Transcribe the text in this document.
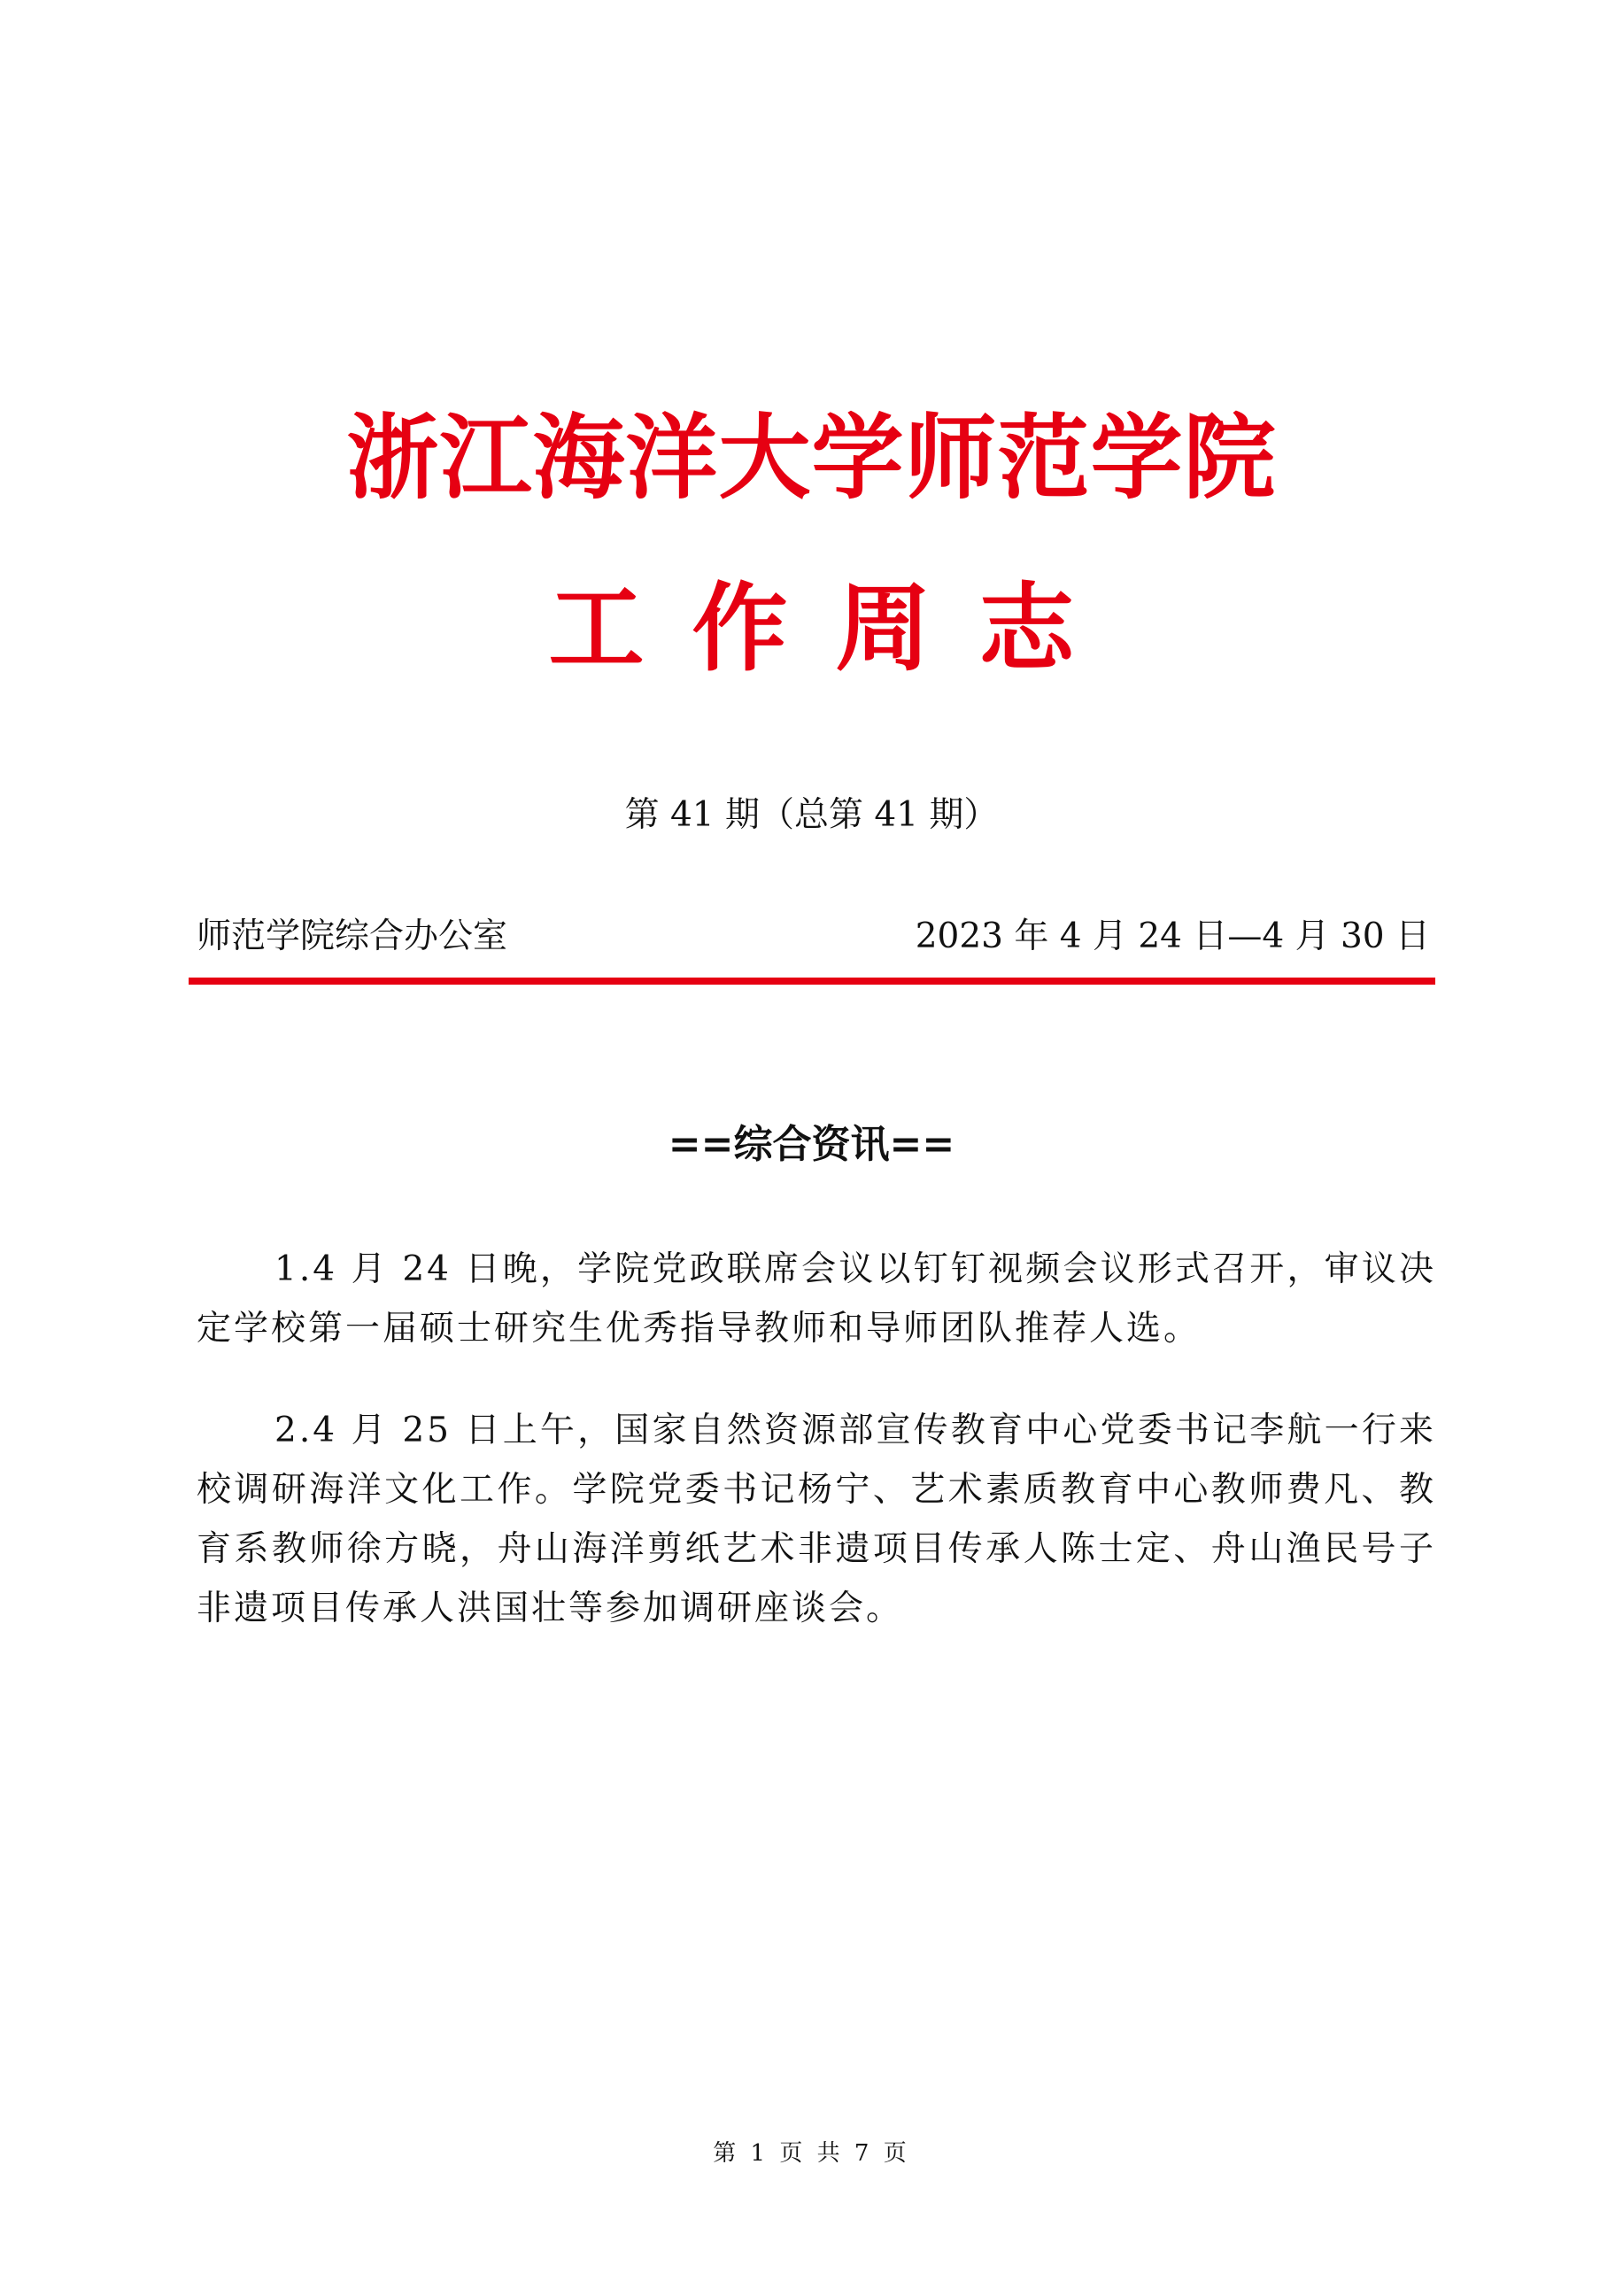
浙江海洋大学师范学院
工作周志
第 41 期（总第 41 期）
师范学院综合办公室	2023 年 4 月 24 日—4 月 30 日
==综合资讯==

1.4 月 24 日晚，学院党政联席会议以钉钉视频会议形式召开，审议决定学校第一届硕士研究生优秀指导教师和导师团队推荐人选。

2.4 月 25 日上午，国家自然资源部宣传教育中心党委书记李航一行来校调研海洋文化工作。学院党委书记杨宁、艺术素质教育中心教师费凡、教育系教师徐方晓，舟山海洋剪纸艺术非遗项目传承人陈士定、舟山渔民号子非遗项目传承人洪国壮等参加调研座谈会。

第 1 页 共 7 页
